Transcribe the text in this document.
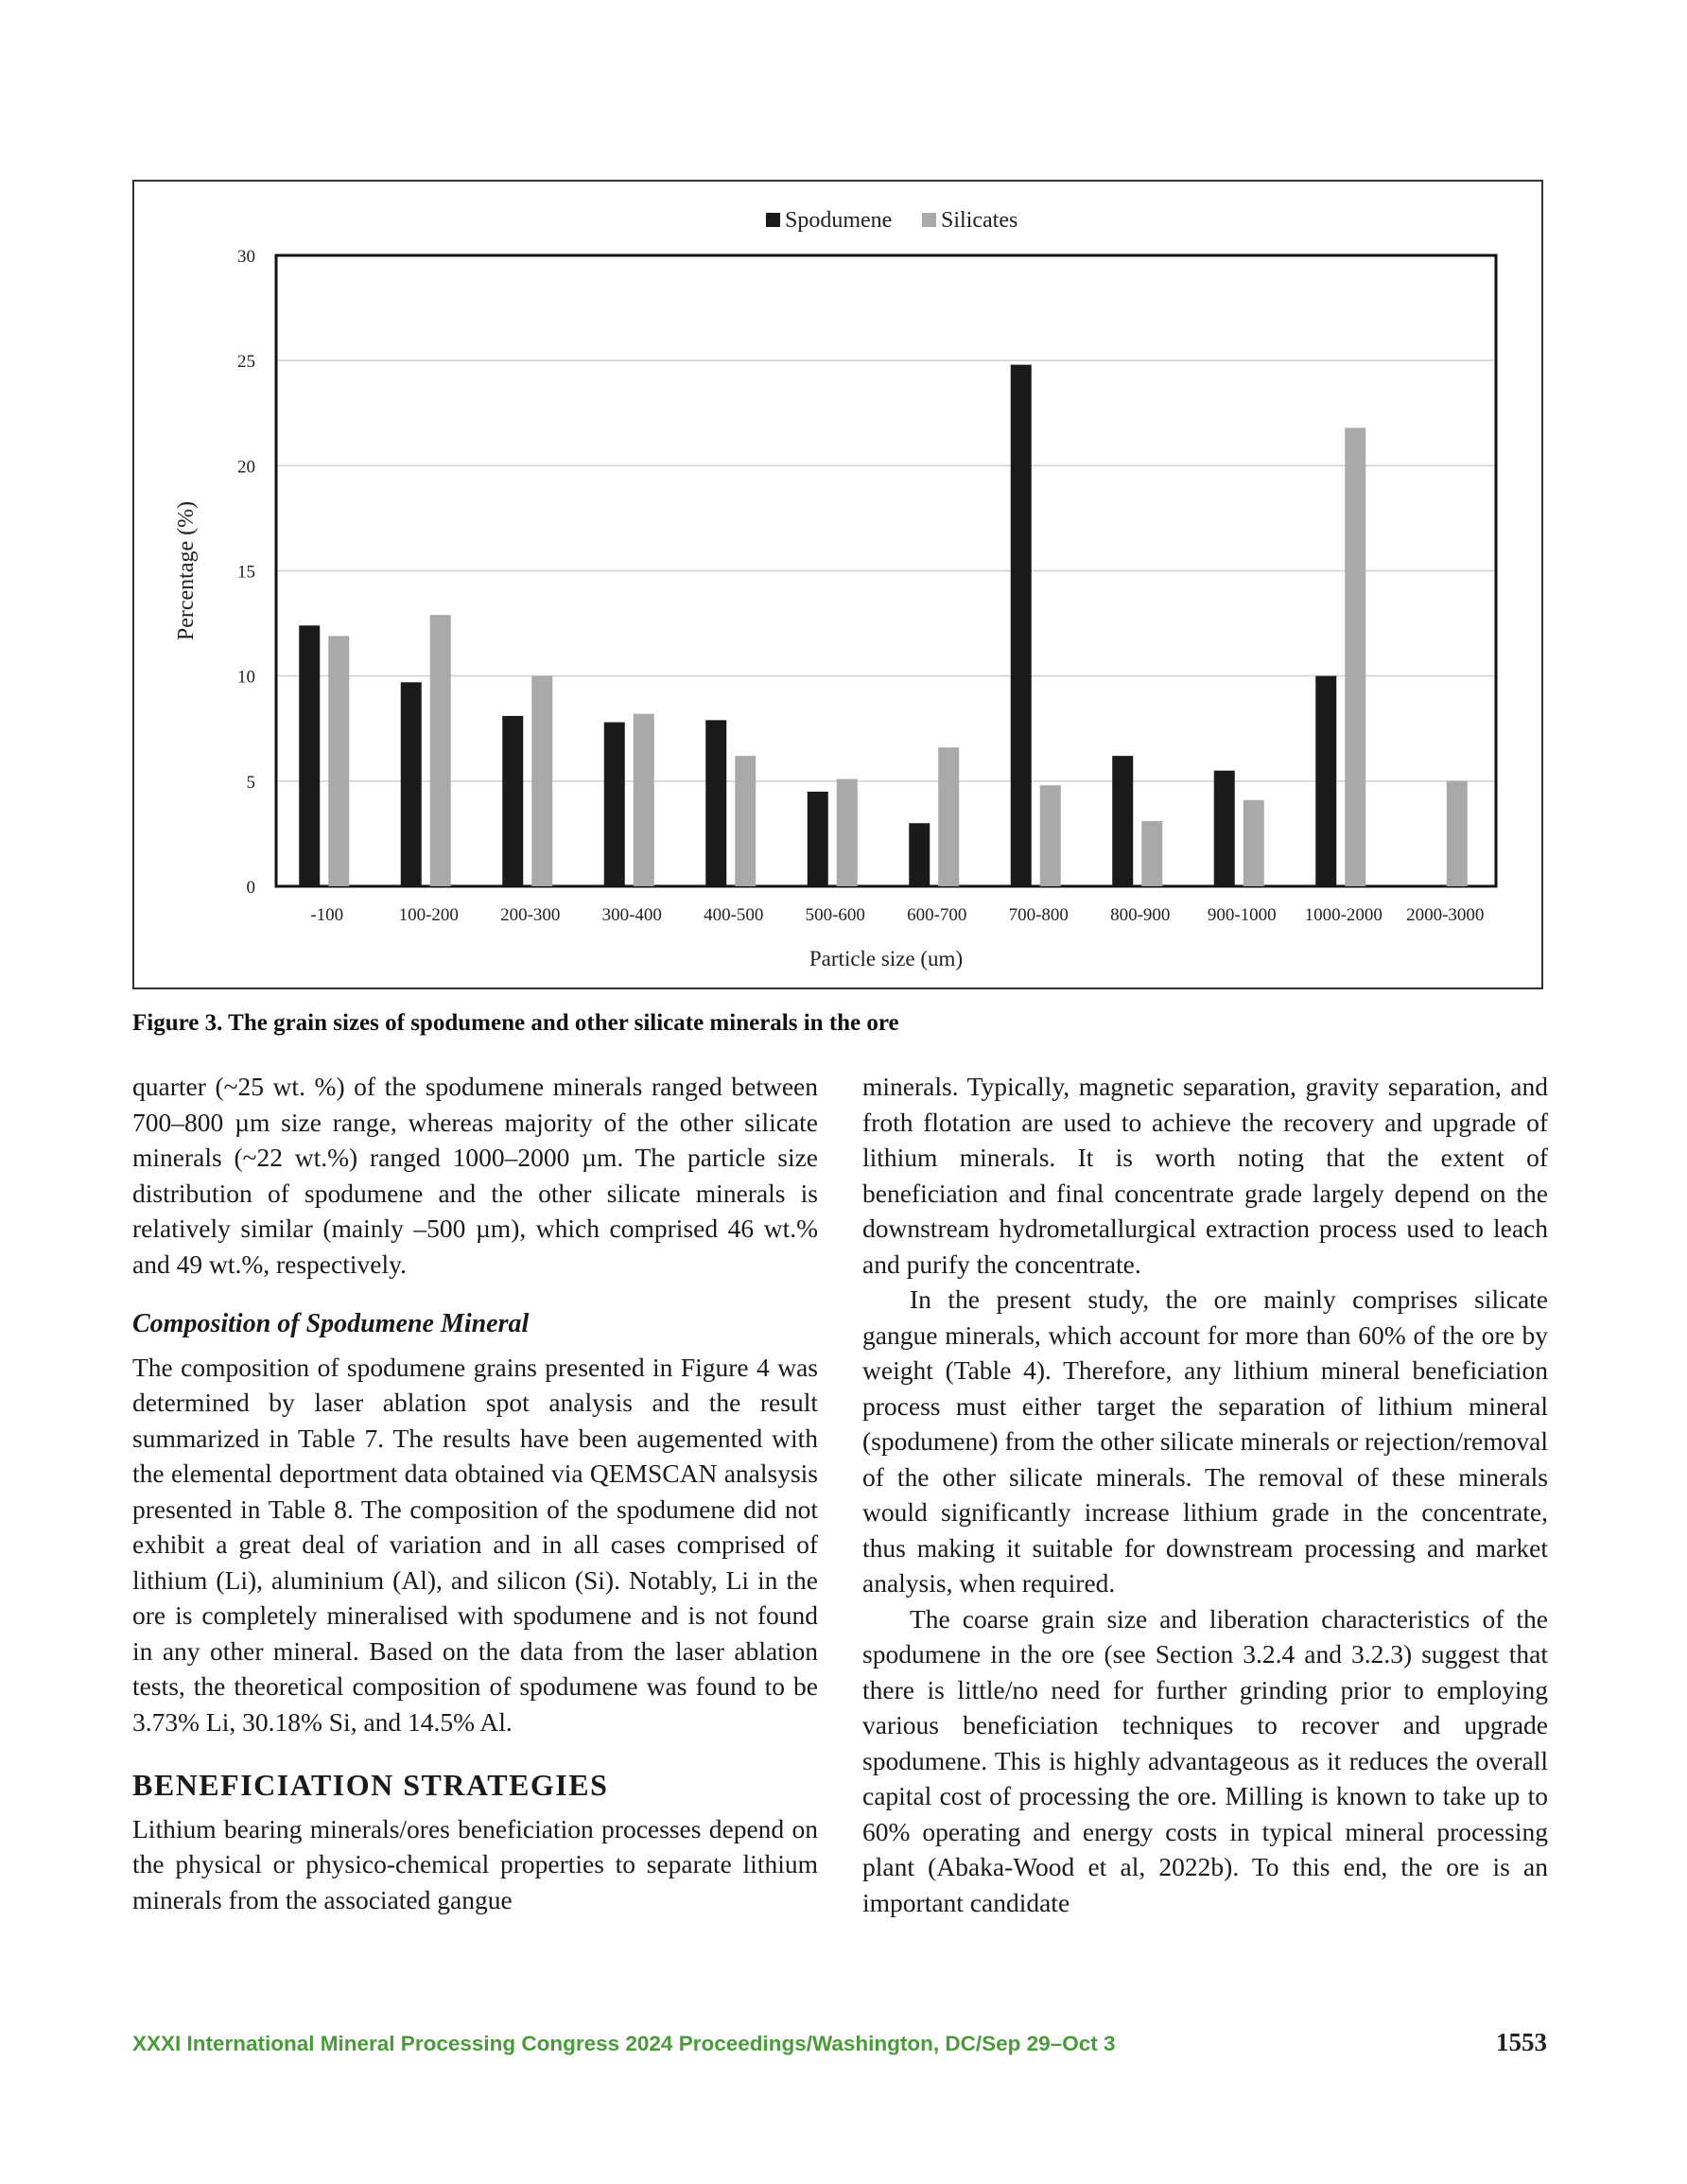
0
5
10
15
20
25
30
-100	100-200 200-300 300-400 400-500 500-600 600-700 700-800 800-900 900-1000 1000-2000 2000-3000
Particle size (um)
Percentage (%)
Spodumene Silicates
Figure 3. The grain sizes of spodumene and other silicate minerals in the ore

quarter (~25 wt. %) of the spodumene minerals ranged between 700–800 µm size range, whereas majority of the other silicate minerals (~22 wt.%) ranged 1000–2000 µm. The particle size distribution of spodumene and the other silicate minerals is relatively similar (mainly –500 µm), which comprised 46 wt.% and 49 wt.%, respectively.

Composition of Spodumene Mineral

The composition of spodumene grains presented in Figure 4 was determined by laser ablation spot analysis and the result summarized in Table 7. The results have been augemented with the elemental deportment data obtained via QEMSCAN analsysis presented in Table 8. The composition of the spodumene did not exhibit a great deal of variation and in all cases comprised of lithium (Li), aluminium (Al), and silicon (Si). Notably, Li in the ore is completely mineralised with spodumene and is not found in any other mineral. Based on the data from the laser ablation tests, the theoretical composition of spodumene was found to be 3.73% Li, 30.18% Si, and 14.5% Al.

BENEFICIATION STRATEGIES

Lithium bearing minerals/ores beneficiation processes depend on the physical or physico-chemical properties to separate lithium minerals from the associated gangue

minerals. Typically, magnetic separation, gravity separation, and froth flotation are used to achieve the recovery and upgrade of lithium minerals. It is worth noting that the extent of beneficiation and final concentrate grade largely depend on the downstream hydrometallurgical extraction process used to leach and purify the concentrate.

In the present study, the ore mainly comprises silicate gangue minerals, which account for more than 60% of the ore by weight (Table 4). Therefore, any lithium mineral beneficiation process must either target the separation of lithium mineral (spodumene) from the other silicate minerals or rejection/removal of the other silicate minerals. The removal of these minerals would significantly increase lithium grade in the concentrate, thus making it suitable for downstream processing and market analysis, when required.

The coarse grain size and liberation characteristics of the spodumene in the ore (see Section 3.2.4 and 3.2.3) suggest that there is little/no need for further grinding prior to employing various beneficiation techniques to recover and upgrade spodumene. This is highly advantageous as it reduces the overall capital cost of processing the ore. Milling is known to take up to 60% operating and energy costs in typical mineral processing plant (Abaka-Wood et al, 2022b). To this end, the ore is an important candidate

XXXI International Mineral Processing Congress 2024 Proceedings/Washington, DC/Sep 29–Oct 3	1553
